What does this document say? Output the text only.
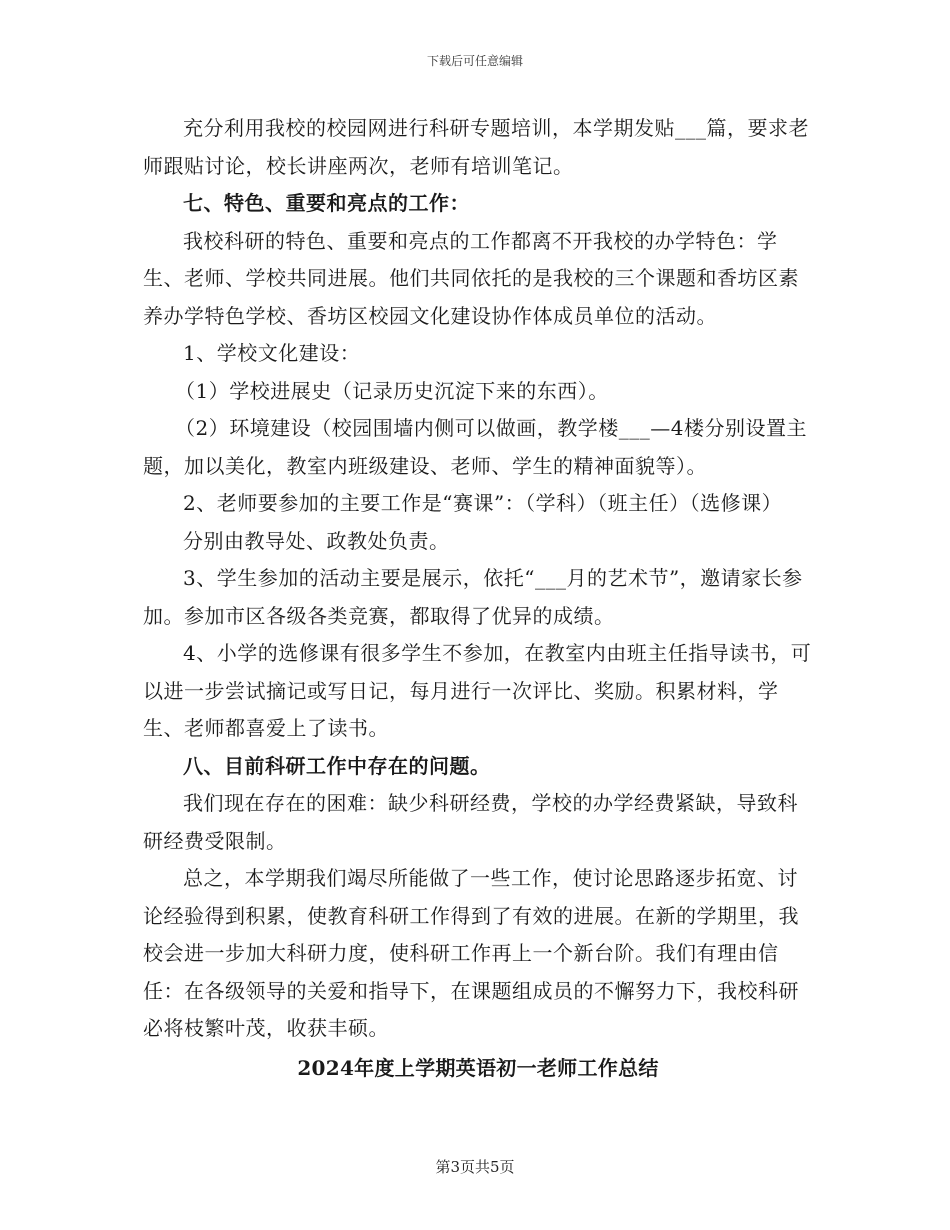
下载后可任意编辑

充分利用我校的校园网进行科研专题培训，本学期发贴___篇，要求老师跟贴讨论，校长讲座两次，老师有培训笔记。

七、特色、重要和亮点的工作：

我校科研的特色、重要和亮点的工作都离不开我校的办学特色：学生、老师、学校共同进展。他们共同依托的是我校的三个课题和香坊区素养办学特色学校、香坊区校园文化建设协作体成员单位的活动。

1、学校文化建设：

（1）学校进展史（记录历史沉淀下来的东西）。

（2）环境建设（校园围墙内侧可以做画，教学楼___—4楼分别设置主题，加以美化，教室内班级建设、老师、学生的精神面貌等）。

2、老师要参加的主要工作是“赛课”：（学科）（班主任）（选修课）

分别由教导处、政教处负责。

3、学生参加的活动主要是展示，依托“___月的艺术节”，邀请家长参加。参加市区各级各类竞赛，都取得了优异的成绩。

4、小学的选修课有很多学生不参加，在教室内由班主任指导读书，可以进一步尝试摘记或写日记，每月进行一次评比、奖励。积累材料，学生、老师都喜爱上了读书。

八、目前科研工作中存在的问题。

我们现在存在的困难：缺少科研经费，学校的办学经费紧缺，导致科研经费受限制。

总之，本学期我们竭尽所能做了一些工作，使讨论思路逐步拓宽、讨论经验得到积累，使教育科研工作得到了有效的进展。在新的学期里，我校会进一步加大科研力度，使科研工作再上一个新台阶。我们有理由信任：在各级领导的关爱和指导下，在课题组成员的不懈努力下，我校科研必将枝繁叶茂，收获丰硕。

2024年度上学期英语初一老师工作总结

第3页共5页
